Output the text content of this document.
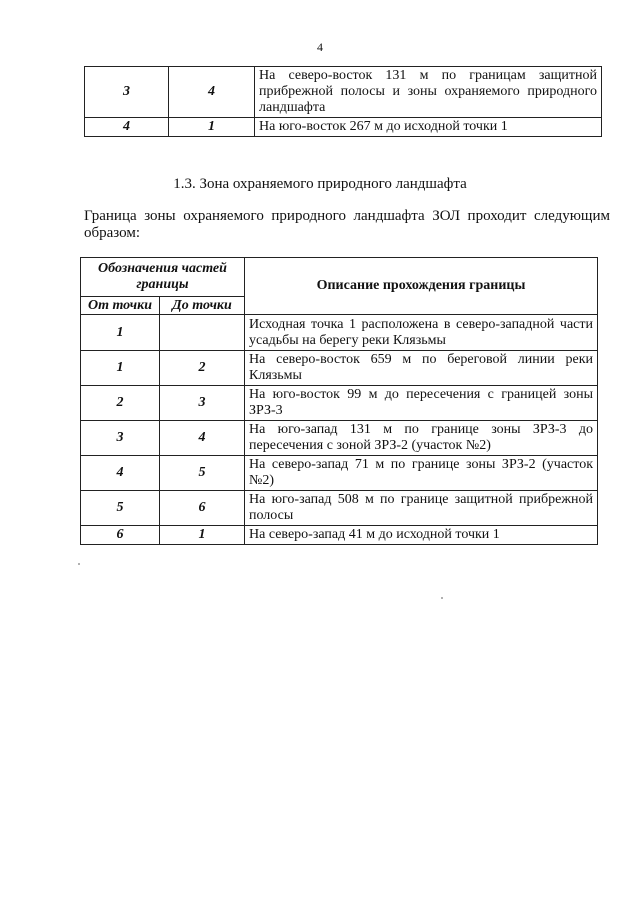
4
3	4	На северо-восток 131 м по границам защитной прибрежной полосы и зоны охраняемого природного ландшафта
4	1	На юго-восток 267 м до исходной точки 1
1.3. Зона охраняемого природного ландшафта
Граница зоны охраняемого природного ландшафта ЗОЛ проходит следующим образом:
Обозначения частей границы		Описание прохождения границы
От точки	До точки	
1		Исходная точка 1 расположена в северо-западной части усадьбы на берегу реки Клязьмы
1	2	На северо-восток 659 м по береговой линии реки Клязьмы
2	3	На юго-восток 99 м до пересечения с границей зоны ЗРЗ-3
3	4	На юго-запад 131 м по границе зоны ЗРЗ-3 до пересечения с зоной ЗРЗ-2 (участок №2)
4	5	На северо-запад 71 м по границе зоны ЗРЗ-2 (участок №2)
5	6	На юго-запад 508 м по границе защитной прибрежной полосы
6	1	На северо-запад 41 м до исходной точки 1
